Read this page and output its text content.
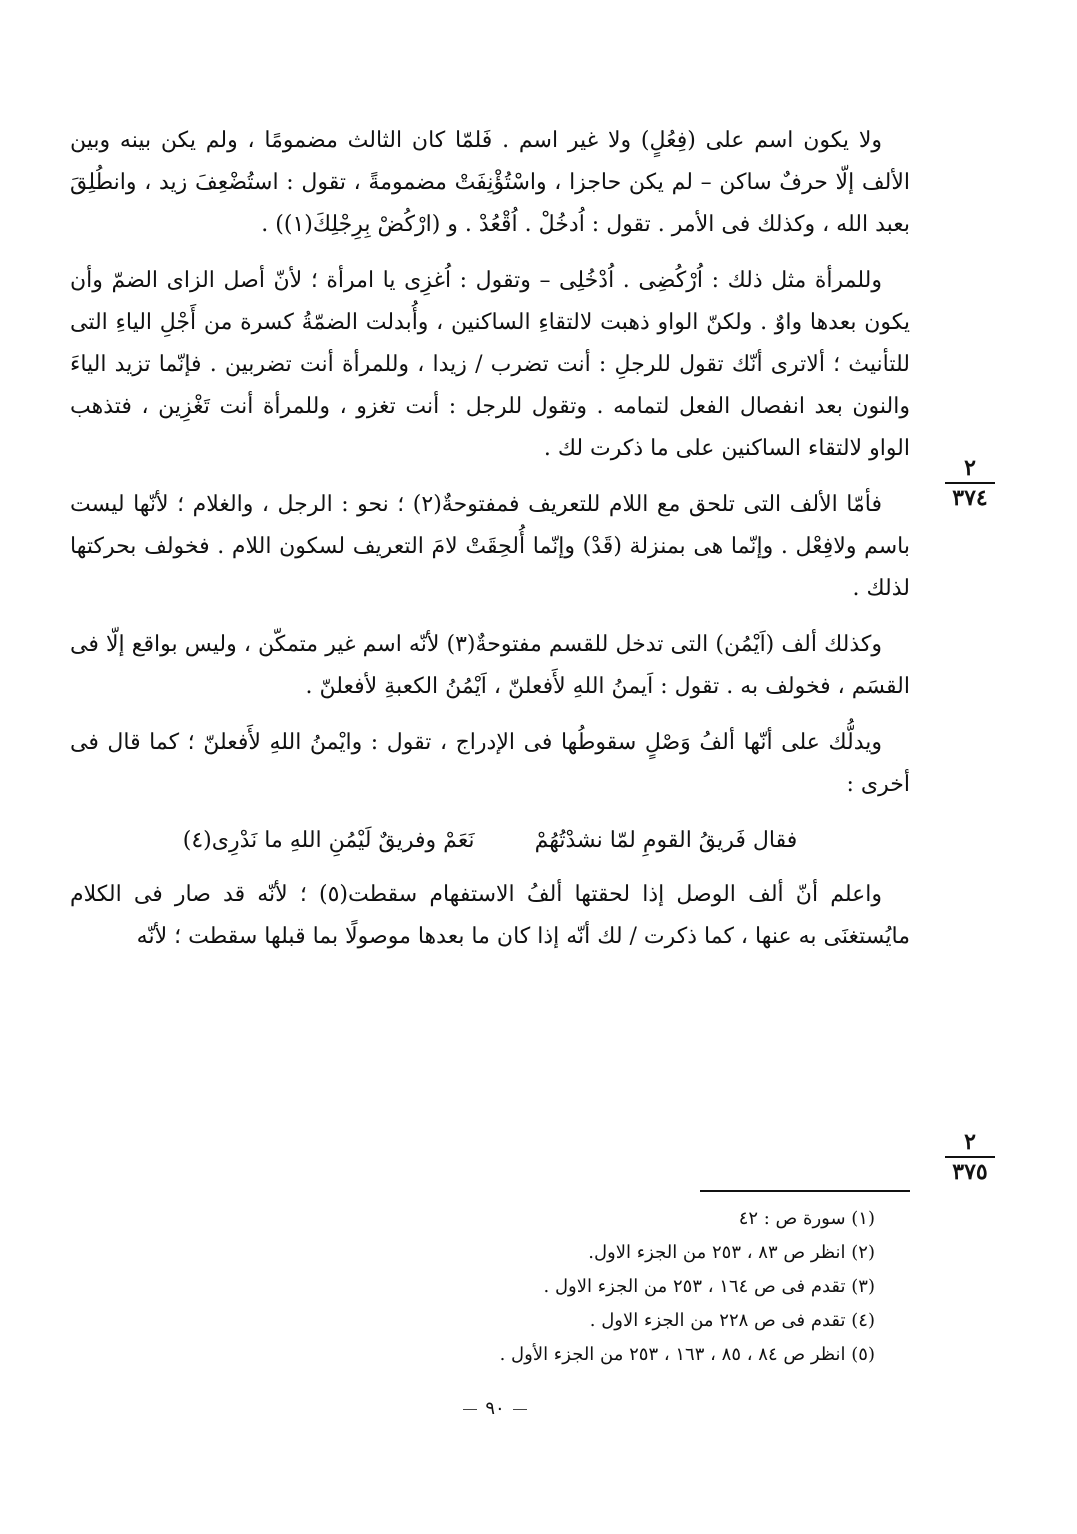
ولا يكون اسم على (فِعُلٍ) ولا غير اسم . فَلمّا كان الثالث مضمومًا ، ولم يكن بينه وبين الألف إلّا حرفٌ ساكن – لم يكن حاجزا ، واسْتُؤْنِفَتْ مضمومةً ، تقول : استُضْعِفَ زيد ، وانطُلِقَ بعبد الله ، وكذلك فى الأمر . تقول : اُدخُلْ . اُقْعُدْ . و (ارْكُضْ بِرِجْلِكَ(١)) .

وللمرأة مثل ذلك : اُرْكُضِى . اُدْخُلِى – وتقول : اُغزِى يا امرأة ؛ لأنّ أصل الزاى الضمّ وأن يكون بعدها واوٌ . ولكنّ الواو ذهبت لالتقاءِ الساكنين ، وأُبدلت الضمّةُ كسرة من أَجْلِ الياءِ التى للتأنيث ؛ ألاترى أنّك تقول للرجلِ : أنت تضرب / زيدا ، وللمرأة أنت تضربين . فإنّما تزيد الياءَ والنون بعد انفصال الفعل لتمامه . وتقول للرجل : أنت تغزو ، وللمرأة أنت تَغْزِين ، فتذهب الواو لالتقاء الساكنين على ما ذكرت لك .

فأمّا الألف التى تلحق مع اللام للتعريف فمفتوحةٌ(٢) ؛ نحو : الرجل ، والغلام ؛ لأنّها ليست باسم ولافِعْل . وإنّما هى بمنزلة (قَدْ) وإنّما أُلحِقَتْ لامَ التعريف لسكون اللام . فخولف بحركتها لذلك .

وكذلك ألف (اَيْمُن) التى تدخل للقسم مفتوحةٌ(٣) لأنّه اسم غير متمكّن ، وليس بواقع إلّا فى القسَم ، فخولف به . تقول : اَيمنُ اللهِ لأَفعلنّ ، اَيْمُنُ الكعبةِ لأفعلنّ .

ويدلُّك على أنّها ألفُ وَصْلٍ سقوطُها فى الإدراج ، تقول : وايْمنُ اللهِ لأَفعلنّ ؛ كما قال فى أخرى :

فقال فَريقُ القومِ لمّا نشدْتُهُمْ
نَعَمْ وفريقٌ لَيْمُنِ اللهِ ما نَدْرِى(٤)

واعلم أنّ ألف الوصل إذا لحقتها ألفُ الاستفهام سقطت(٥) ؛ لأنّه قد صار فى الكلام مايُستغنَى به عنها ، كما ذكرت / لك أنّه إذا كان ما بعدها موصولًا بما قبلها سقطت ؛ لأنّه

٢
٣٧٤
٢
٣٧٥

(١) سورة ص : ٤٢

(٢) انظر ص ٨٣ ، ٢٥٣ من الجزء الاول.

(٣) تقدم فى ص ١٦٤ ، ٢٥٣ من الجزء الاول .

(٤) تقدم فى ص ٢٢٨ من الجزء الاول .

(٥) انظر ص ٨٤ ، ٨٥ ، ١٦٣ ، ٢٥٣ من الجزء الأول .

٩٠
